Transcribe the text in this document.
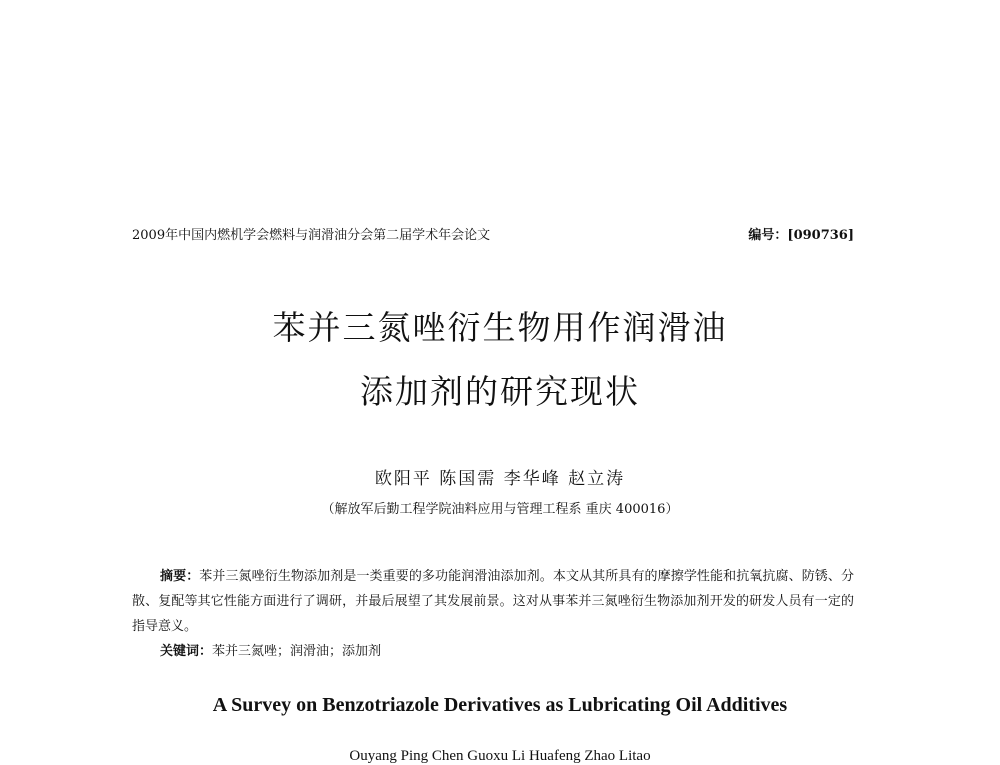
2009年中国内燃机学会燃料与润滑油分会第二届学术年会论文	编号：[090736]
苯并三氮唑衍生物用作润滑油
添加剂的研究现状
欧阳平 陈国需 李华峰 赵立涛
（解放军后勤工程学院油料应用与管理工程系 重庆 400016）
摘要：苯并三氮唑衍生物添加剂是一类重要的多功能润滑油添加剂。本文从其所具有的摩擦学性能和抗氧抗腐、防锈、分散、复配等其它性能方面进行了调研，并最后展望了其发展前景。这对从事苯并三氮唑衍生物添加剂开发的研发人员有一定的指导意义。
关键词：苯并三氮唑；润滑油；添加剂
A Survey on Benzotriazole Derivatives as Lubricating Oil Additives
Ouyang Ping Chen Guoxu Li Huafeng Zhao Litao
